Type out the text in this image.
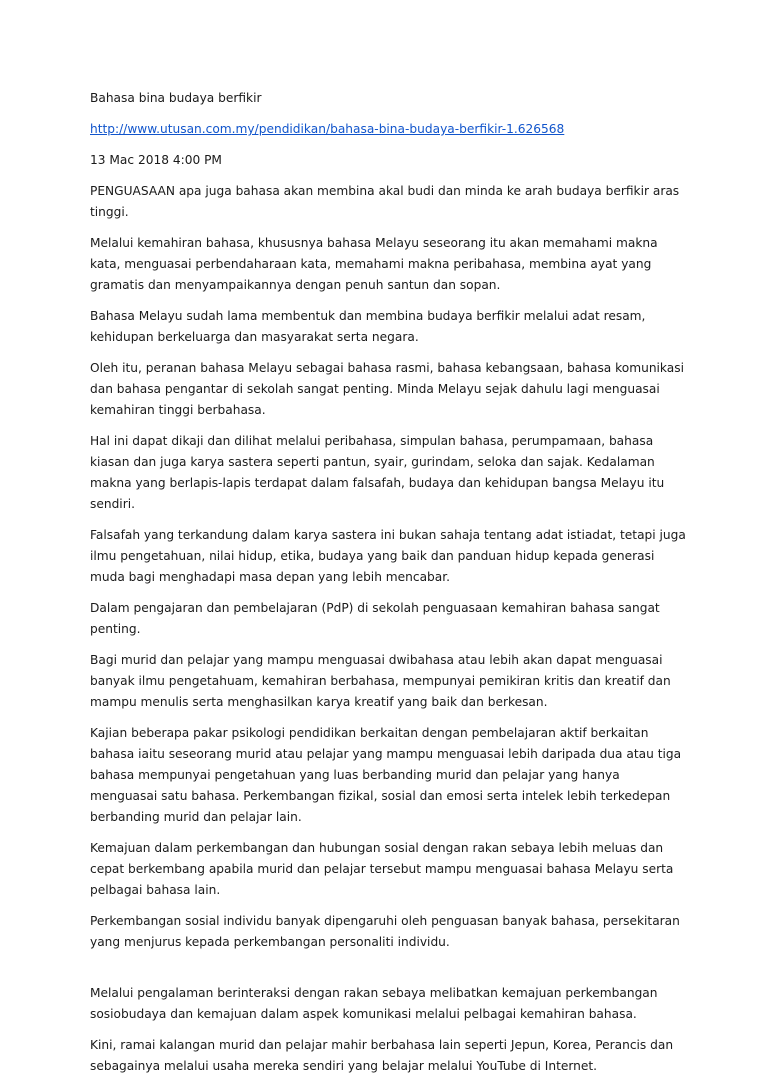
Bahasa bina budaya berfikir

http://www.utusan.com.my/pendidikan/bahasa-bina-budaya-berfikir-1.626568

13 Mac 2018 4:00 PM

PENGUASAAN apa juga bahasa akan membina akal budi dan minda ke arah budaya berfikir aras tinggi.

Melalui kemahiran bahasa, khususnya bahasa Melayu seseorang itu akan memahami makna kata, menguasai perbendaharaan kata, memahami makna peribahasa, membina ayat yang gramatis dan menyampaikannya dengan penuh santun dan sopan.

Bahasa Melayu sudah lama membentuk dan membina budaya berfikir melalui adat resam, kehidupan berkeluarga dan masyarakat serta negara.

Oleh itu, peranan bahasa Melayu sebagai bahasa rasmi, bahasa kebangsaan, bahasa komunikasi dan bahasa pengantar di sekolah sangat penting. Minda Melayu sejak dahulu lagi menguasai kemahiran tinggi berbahasa.

Hal ini dapat dikaji dan dilihat melalui peribahasa, simpulan bahasa, perumpamaan, bahasa kiasan dan juga karya sastera seperti pantun, syair, gurindam, seloka dan sajak. Kedalaman makna yang berlapis-lapis terdapat dalam falsafah, budaya dan kehidupan bangsa Melayu itu sendiri.

Falsafah yang terkandung dalam karya sastera ini bukan sahaja tentang adat istiadat, tetapi juga ilmu pengetahuan, nilai hidup, etika, budaya yang baik dan panduan hidup kepada generasi muda bagi menghadapi masa depan yang lebih mencabar.

Dalam pengajaran dan pembelajaran (PdP) di sekolah penguasaan kemahiran bahasa sangat penting.

Bagi murid dan pelajar yang mampu menguasai dwibahasa atau lebih akan dapat menguasai banyak ilmu pengetahuam, kemahiran berbahasa, mempunyai pemikiran kritis dan kreatif dan mampu menulis serta menghasilkan karya kreatif yang baik dan berkesan.

Kajian beberapa pakar psikologi pendidikan berkaitan dengan pembelajaran aktif berkaitan bahasa iaitu seseorang murid atau pelajar yang mampu menguasai lebih daripada dua atau tiga bahasa mempunyai pengetahuan yang luas berbanding murid dan pelajar yang hanya menguasai satu bahasa. Perkembangan fizikal, sosial dan emosi serta intelek lebih terkedepan berbanding murid dan pelajar lain.

Kemajuan dalam perkembangan dan hubungan sosial dengan rakan sebaya lebih meluas dan cepat berkembang apabila murid dan pelajar tersebut mampu menguasai bahasa Melayu serta pelbagai bahasa lain.

Perkembangan sosial individu banyak dipengaruhi oleh penguasan banyak bahasa, persekitaran yang menjurus kepada perkembangan personaliti individu.

Melalui pengalaman berinteraksi dengan rakan sebaya melibatkan kemajuan perkembangan sosiobudaya dan kemajuan dalam aspek komunikasi melalui pelbagai kemahiran bahasa.

Kini, ramai kalangan murid dan pelajar mahir berbahasa lain seperti Jepun, Korea, Perancis dan sebagainya melalui usaha mereka sendiri yang belajar melalui YouTube di Internet.
